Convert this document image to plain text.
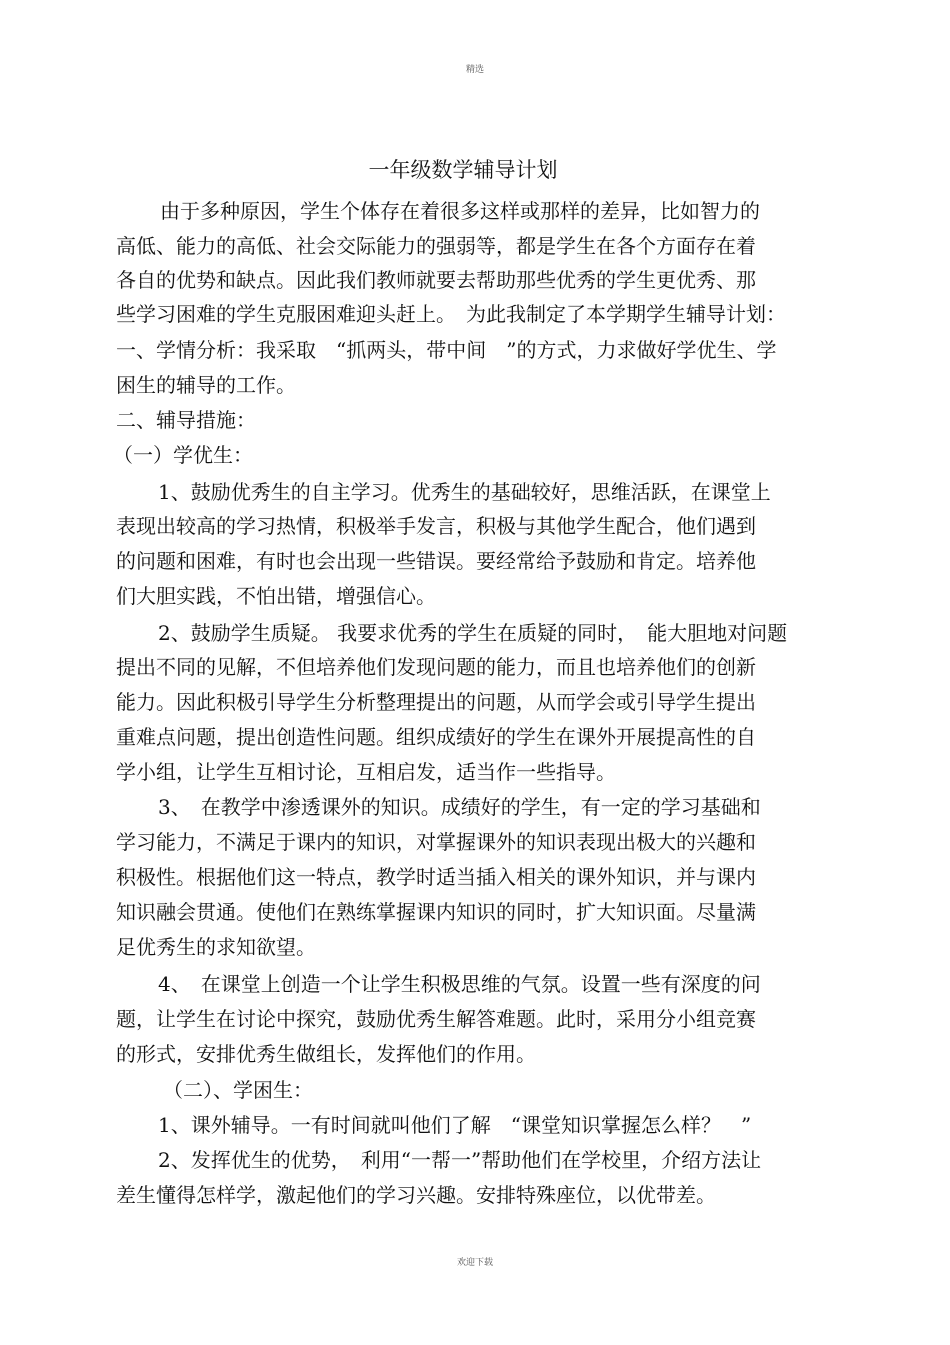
精选
一年级数学辅导计划
由于多种原因，学生个体存在着很多这样或那样的差异，比如智力的
高低、能力的高低、社会交际能力的强弱等，都是学生在各个方面存在着
各自的优势和缺点。因此我们教师就要去帮助那些优秀的学生更优秀、那
些学习困难的学生克服困难迎头赶上。　为此我制定了本学期学生辅导计划：
一、学情分析：我采取　“抓两头，带中间　”的方式，力求做好学优生、学
困生的辅导的工作。
二、辅导措施：
（一）学优生：
1、鼓励优秀生的自主学习。优秀生的基础较好，思维活跃，在课堂上
表现出较高的学习热情，积极举手发言，积极与其他学生配合，他们遇到
的问题和困难，有时也会出现一些错误。要经常给予鼓励和肯定。培养他
们大胆实践，不怕出错，增强信心。
2、鼓励学生质疑。 我要求优秀的学生在质疑的同时，　能大胆地对问题
提出不同的见解，不但培养他们发现问题的能力，而且也培养他们的创新
能力。因此积极引导学生分析整理提出的问题，从而学会或引导学生提出
重难点问题，提出创造性问题。组织成绩好的学生在课外开展提高性的自
学小组，让学生互相讨论，互相启发，适当作一些指导。
3、　在教学中渗透课外的知识。成绩好的学生，有一定的学习基础和
学习能力，不满足于课内的知识，对掌握课外的知识表现出极大的兴趣和
积极性。根据他们这一特点，教学时适当插入相关的课外知识，并与课内
知识融会贯通。使他们在熟练掌握课内知识的同时，扩大知识面。尽量满
足优秀生的求知欲望。
4、　在课堂上创造一个让学生积极思维的气氛。设置一些有深度的问
题，让学生在讨论中探究，鼓励优秀生解答难题。此时，采用分小组竞赛
的形式，安排优秀生做组长，发挥他们的作用。
（二）、学困生：
1、课外辅导。一有时间就叫他们了解　“课堂知识掌握怎么样？　”
2、发挥优生的优势，　利用“一帮一”帮助他们在学校里，介绍方法让
差生懂得怎样学，激起他们的学习兴趣。安排特殊座位，以优带差。
欢迎下载
